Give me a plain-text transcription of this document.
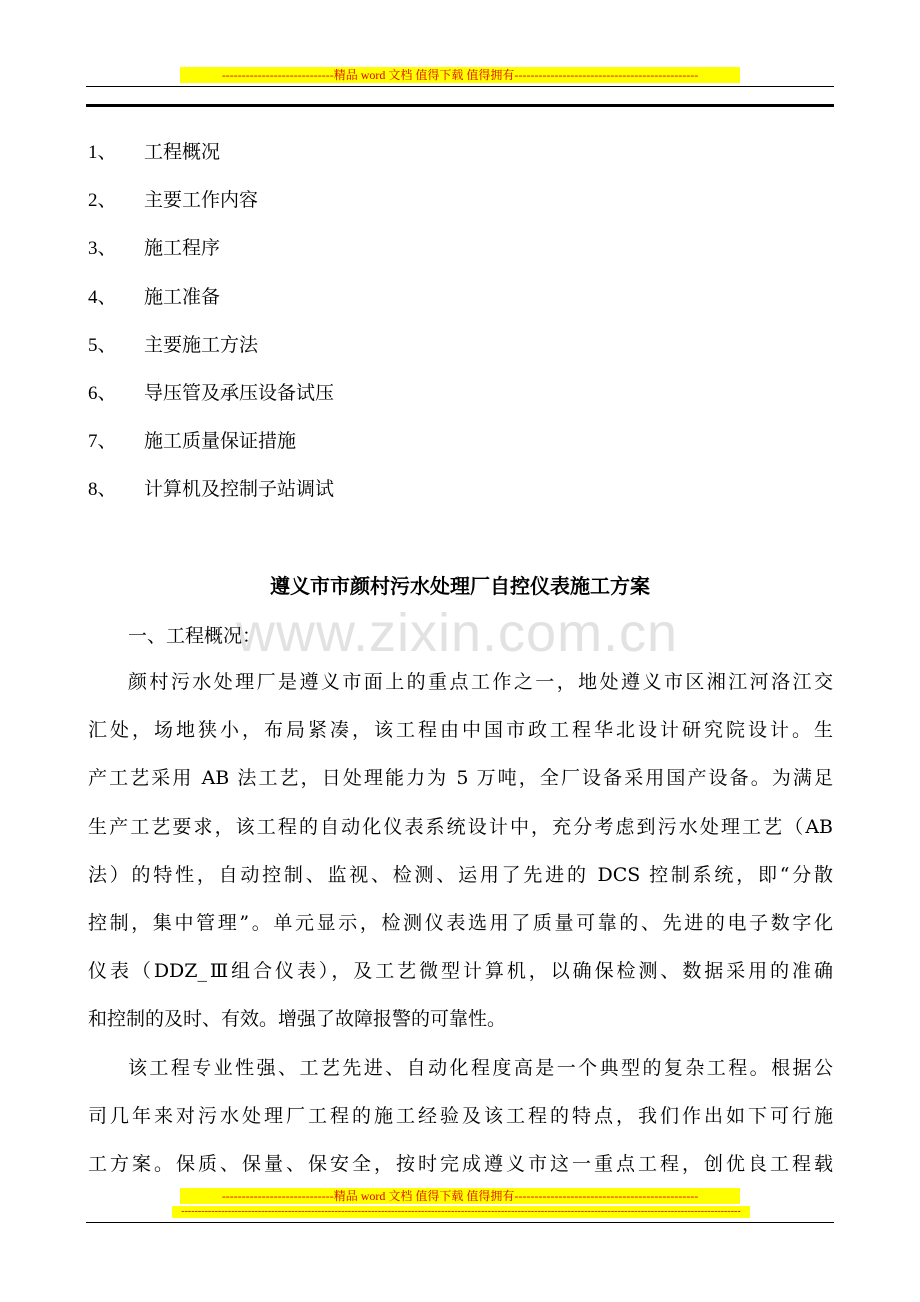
----------------------------精品 word 文档 值得下载 值得拥有----------------------------------------------
1、 工程概况
2、 主要工作内容
3、 施工程序
4、 施工准备
5、 主要施工方法
6、 导压管及承压设备试压
7、 施工质量保证措施
8、 计算机及控制子站调试
遵义市市颜村污水处理厂自控仪表施工方案
www.zixin.com.cn
一、工程概况：
颜村污水处理厂是遵义市面上的重点工作之一，地处遵义市区湘江河洛江交
汇处，场地狭小，布局紧凑，该工程由中国市政工程华北设计研究院设计。生
产工艺采用 AB 法工艺，日处理能力为 5 万吨，全厂设备采用国产设备。为满足
生产工艺要求，该工程的自动化仪表系统设计中，充分考虑到污水处理工艺（AB
法）的特性，自动控制、监视、检测、运用了先进的 DCS 控制系统，即“分散
控制，集中管理”。单元显示，检测仪表选用了质量可靠的、先进的电子数字化
仪表（DDZ_Ⅲ组合仪表），及工艺微型计算机，以确保检测、数据采用的准确
和控制的及时、有效。增强了故障报警的可靠性。
该工程专业性强、工艺先进、自动化程度高是一个典型的复杂工程。根据公
司几年来对污水处理厂工程的施工经验及该工程的特点，我们作出如下可行施
工方案。保质、保量、保安全，按时完成遵义市这一重点工程，创优良工程载
----------------------------精品 word 文档 值得下载 值得拥有----------------------------------------------
------------------------------------------------------------------------------------------------------------------------------------------------------------------------
